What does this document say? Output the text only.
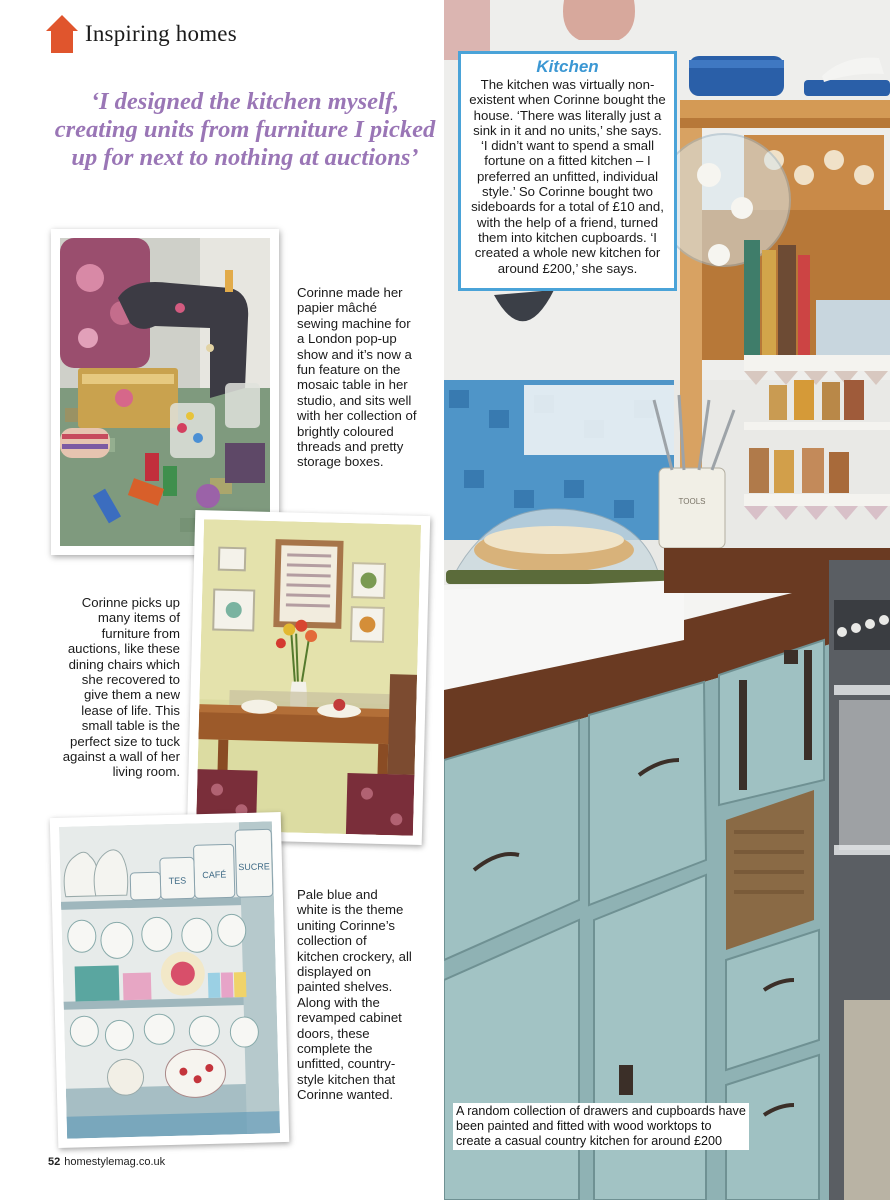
Inspiring homes
‘I designed the kitchen myself, creating units from furniture I picked up for next to nothing at auctions’
Corinne made her papier mâché sewing machine for a London pop-up show and it’s now a fun feature on the mosaic table in her studio, and sits well with her collection of brightly coloured threads and pretty storage boxes.
Corinne picks up many items of furniture from auctions, like these dining chairs which she recovered to give them a new lease of life. This small table is the perfect size to tuck against a wall of her living room.
SUCRE
CAFÉ
TES
Pale blue and white is the theme uniting Corinne’s collection of kitchen crockery, all displayed on painted shelves. Along with the revamped cabinet doors, these complete the unfitted, country-style kitchen that Corinne wanted.
TOOLS
Kitchen
The kitchen was virtually non-existent when Corinne bought the house. ‘There was literally just a sink in it and no units,’ she says. ‘I didn’t want to spend a small fortune on a fitted kitchen – I preferred an unfitted, individual style.’ So Corinne bought two sideboards for a total of £10 and, with the help of a friend, turned them into kitchen cupboards. ‘I created a whole new kitchen for around £200,’ she says.
A random collection of drawers and cupboards have been painted and fitted with wood worktops to create a casual country kitchen for around £200
52 homestylemag.co.uk
